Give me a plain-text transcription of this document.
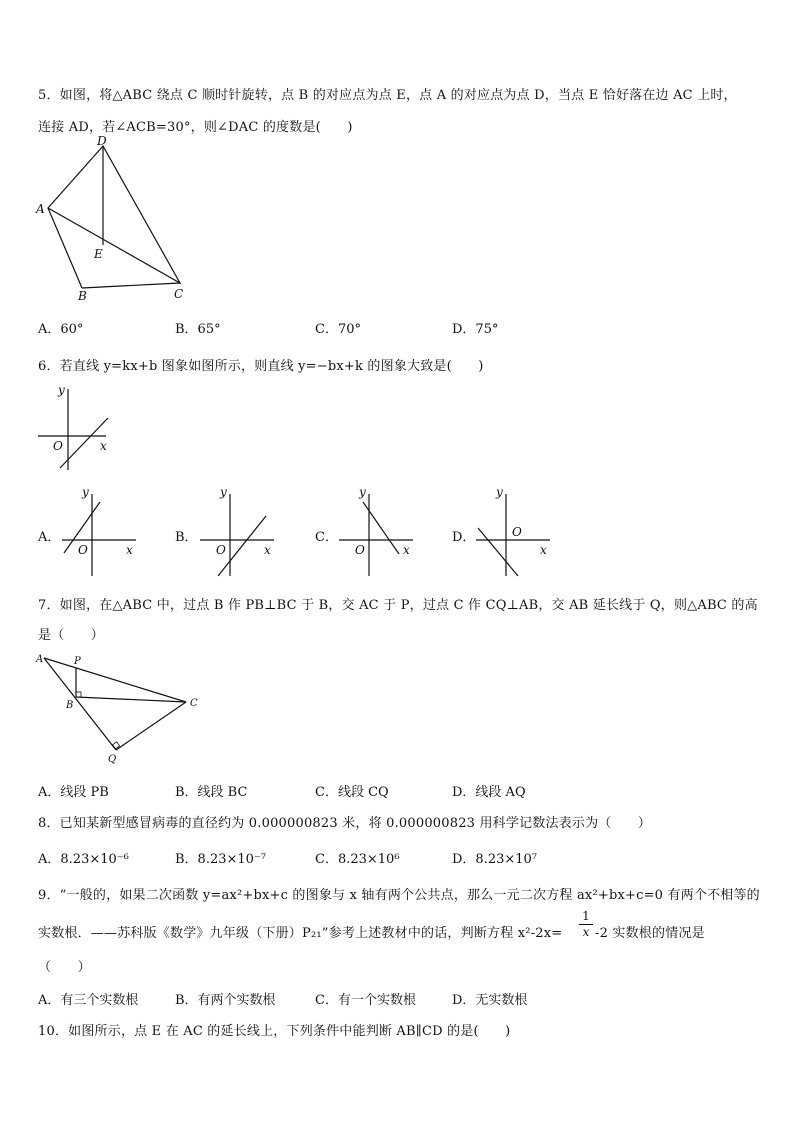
5．如图，将△ABC 绕点 C 顺时针旋转，点 B 的对应点为点 E，点 A 的对应点为点 D，当点 E 恰好落在边 AC 上时，
连接 AD，若∠ACB=30°，则∠DAC 的度数是(　　)
D
A
E
B	C
A．60°	B．65°	C．70°	D．75°
6．若直线 y=kx+b 图象如图所示，则直线 y=−bx+k 的图象大致是(　　)
y
O	x
A．
y
O	x
B．
y
O	x
C．
y
O	x
D．
y
O
x
7．如图，在△ABC 中，过点 B 作 PB⊥BC 于 B，交 AC 于 P，过点 C 作 CQ⊥AB，交 AB 延长线于 Q，则△ABC 的高
是（　　）
A	P
B	C
Q
A．线段 PB	B．线段 BC	C．线段 CQ	D．线段 AQ
8．已知某新型感冒病毒的直径约为 0.000000823 米，将 0.000000823 用科学记数法表示为（　　）
A．8.23×10⁻⁶	B．8.23×10⁻⁷	C．8.23×10⁶	D．8.23×10⁷
9．“一般的，如果二次函数 y=ax²+bx+c 的图象与 x 轴有两个公共点，那么一元二次方程 ax²+bx+c=0 有两个不相等的
实数根．——苏科版《数学》九年级（下册）P₂₁”参考上述教材中的话，判断方程 $x^2-2x= \frac{1}{x} -2$ 实数根的情况是
（　　）
A．有三个实数根	B．有两个实数根	C．有一个实数根	D．无实数根
10．如图所示，点 E 在 AC 的延长线上，下列条件中能判断 AB∥CD 的是(　　)
